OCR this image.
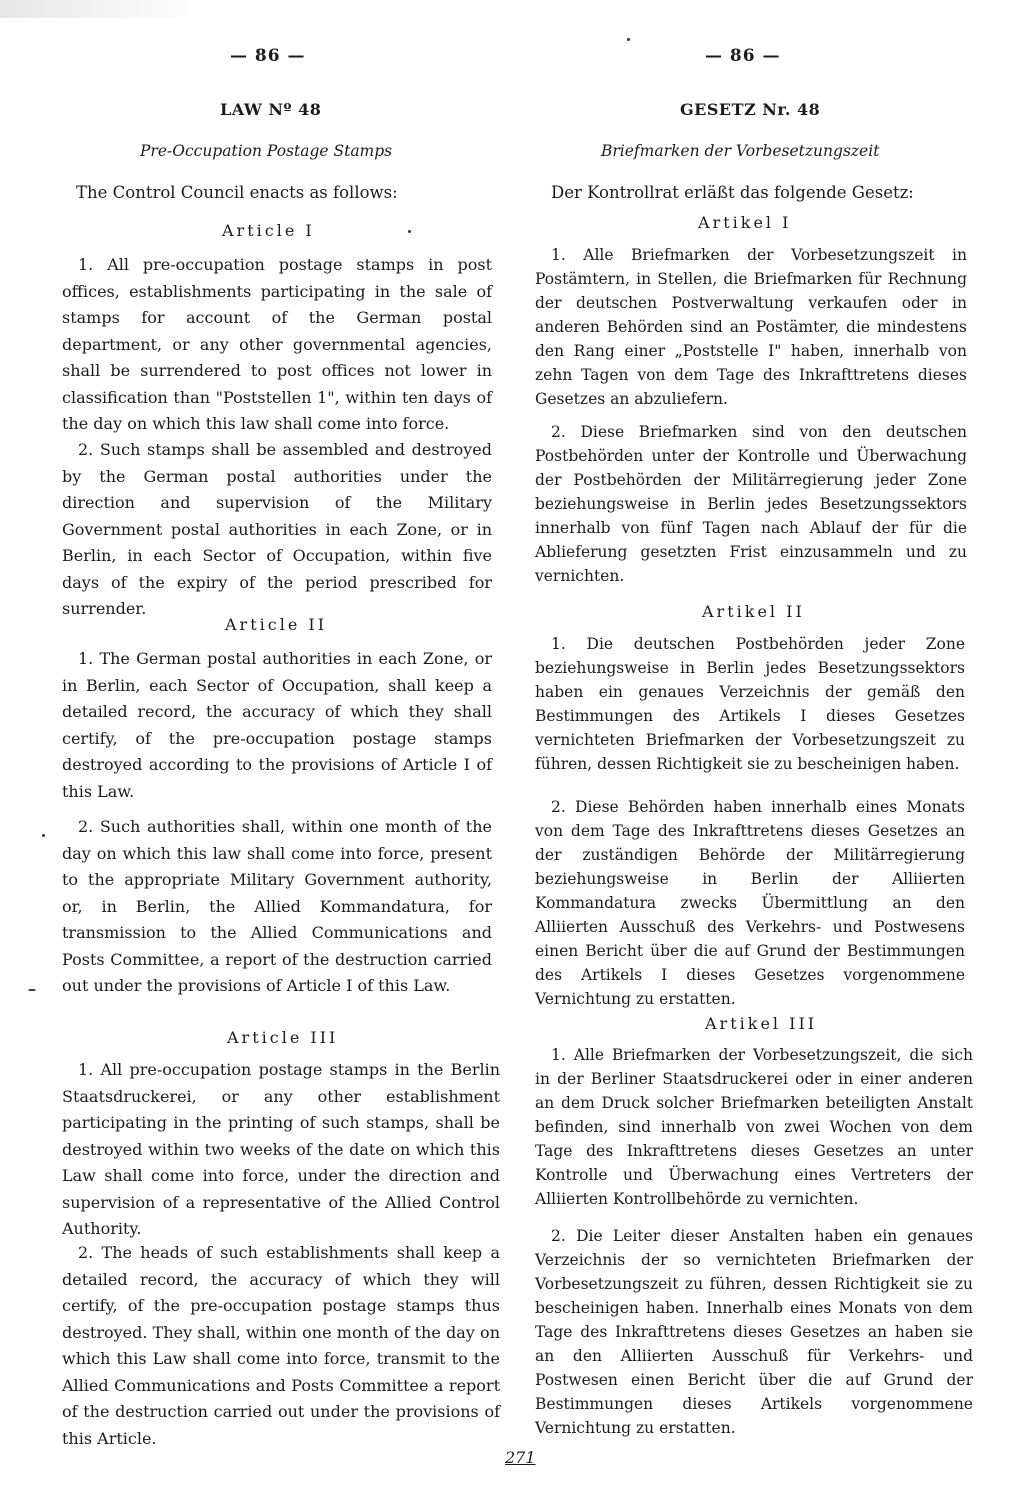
— 86 —
LAW Nº 48
Pre-Occupation Postage Stamps
The Control Council enacts as follows:
Article I

1. All pre-occupation postage stamps in post offices, establishments participating in the sale of stamps for account of the German postal department, or any other governmental agencies, shall be surrendered to post offices not lower in classification than "Poststellen 1", within ten days of the day on which this law shall come into force.

2. Such stamps shall be assembled and destroyed by the German postal authorities under the direction and supervision of the Military Government postal authorities in each Zone, or in Berlin, in each Sector of Occupation, within five days of the expiry of the period prescribed for surrender.

Article II

1. The German postal authorities in each Zone, or in Berlin, each Sector of Occupation, shall keep a detailed record, the accuracy of which they shall certify, of the pre-occupation postage stamps destroyed according to the provisions of Article I of this Law.

2. Such authorities shall, within one month of the day on which this law shall come into force, present to the appropriate Military Government authority, or, in Berlin, the Allied Kommandatura, for transmission to the Allied Communications and Posts Committee, a report of the destruction carried out under the provisions of Article I of this Law.

Article III

1. All pre-occupation postage stamps in the Berlin Staatsdruckerei, or any other establishment participating in the printing of such stamps, shall be destroyed within two weeks of the date on which this Law shall come into force, under the direction and supervision of a representative of the Allied Control Authority.

2. The heads of such establishments shall keep a detailed record, the accuracy of which they will certify, of the pre-occupation postage stamps thus destroyed. They shall, within one month of the day on which this Law shall come into force, transmit to the Allied Communications and Posts Committee a report of the destruction carried out under the provisions of this Article.

— 86 —
GESETZ Nr. 48
Briefmarken der Vorbesetzungszeit
Der Kontrollrat erläßt das folgende Gesetz:
Artikel I

1. Alle Briefmarken der Vorbesetzungszeit in Postämtern, in Stellen, die Briefmarken für Rechnung der deutschen Postverwaltung verkaufen oder in anderen Behörden sind an Postämter, die mindestens den Rang einer „Poststelle I" haben, innerhalb von zehn Tagen von dem Tage des Inkrafttretens dieses Gesetzes an abzuliefern.

2. Diese Briefmarken sind von den deutschen Postbehörden unter der Kontrolle und Überwachung der Postbehörden der Militärregierung jeder Zone beziehungsweise in Berlin jedes Besetzungssektors innerhalb von fünf Tagen nach Ablauf der für die Ablieferung gesetzten Frist einzusammeln und zu vernichten.

Artikel II

1. Die deutschen Postbehörden jeder Zone beziehungsweise in Berlin jedes Besetzungssektors haben ein genaues Verzeichnis der gemäß den Bestimmungen des Artikels I dieses Gesetzes vernichteten Briefmarken der Vorbesetzungszeit zu führen, dessen Richtigkeit sie zu bescheinigen haben.

2. Diese Behörden haben innerhalb eines Monats von dem Tage des Inkrafttretens dieses Gesetzes an der zuständigen Behörde der Militärregierung beziehungsweise in Berlin der Alliierten Kommandatura zwecks Übermittlung an den Alliierten Ausschuß des Verkehrs- und Postwesens einen Bericht über die auf Grund der Bestimmungen des Artikels I dieses Gesetzes vorgenommene Vernichtung zu erstatten.

Artikel III

1. Alle Briefmarken der Vorbesetzungszeit, die sich in der Berliner Staatsdruckerei oder in einer anderen an dem Druck solcher Briefmarken beteiligten Anstalt befinden, sind innerhalb von zwei Wochen von dem Tage des Inkrafttretens dieses Gesetzes an unter Kontrolle und Überwachung eines Vertreters der Alliierten Kontrollbehörde zu vernichten.

2. Die Leiter dieser Anstalten haben ein genaues Verzeichnis der so vernichteten Briefmarken der Vorbesetzungszeit zu führen, dessen Richtigkeit sie zu bescheinigen haben. Innerhalb eines Monats von dem Tage des Inkrafttretens dieses Gesetzes an haben sie an den Alliierten Ausschuß für Verkehrs- und Postwesen einen Bericht über die auf Grund der Bestimmungen dieses Artikels vorgenommene Vernichtung zu erstatten.

271
